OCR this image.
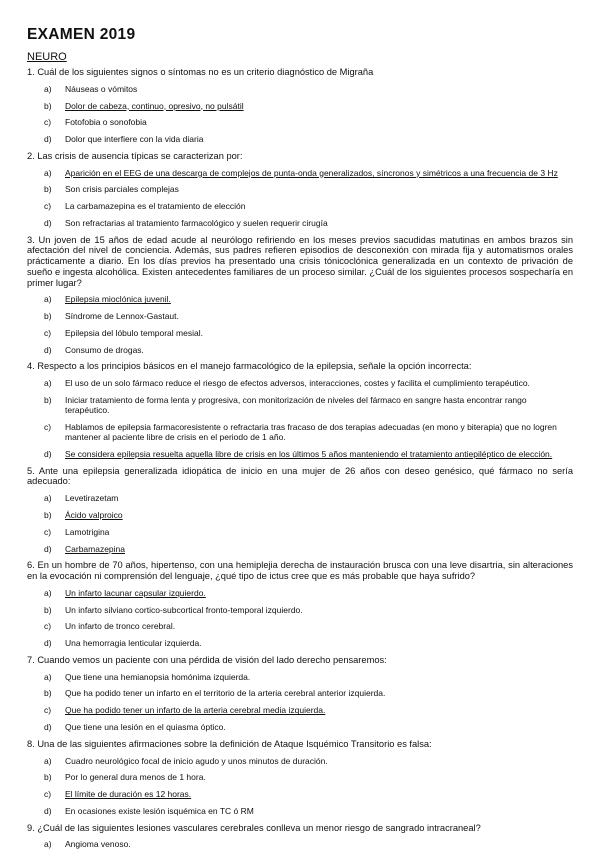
EXAMEN 2019
NEURO

1. Cuál de los siguientes signos o síntomas no es un criterio diagnóstico de Migraña

a) Náuseas o vómitos
b) Dolor de cabeza, continuo, opresivo, no pulsátil
c) Fotofobia o sonofobia
d) Dolor que interfiere con la vida diaria

2. Las crisis de ausencia típicas se caracterizan por:

a) Aparición en el EEG de una descarga de complejos de punta-onda generalizados, síncronos y simétricos a una frecuencia de 3 Hz
b) Son crisis parciales complejas
c) La carbamazepina es el tratamiento de elección
d) Son refractarias al tratamiento farmacológico y suelen requerir cirugía

3. Un joven de 15 años de edad acude al neurólogo refiriendo en los meses previos sacudidas matutinas en ambos brazos sin afectación del nivel de conciencia. Además, sus padres refieren episodios de desconexión con mirada fija y automatismos orales prácticamente a diario. En los días previos ha presentado una crisis tónicoclónica generalizada en un contexto de privación de sueño e ingesta alcohólica. Existen antecedentes familiares de un proceso similar. ¿Cuál de los siguientes procesos sospecharía en primer lugar?

a) Epilepsia mioclónica juvenil.
b) Síndrome de Lennox-Gastaut.
c) Epilepsia del lóbulo temporal mesial.
d) Consumo de drogas.

4. Respecto a los principios básicos en el manejo farmacológico de la epilepsia, señale la opción incorrecta:

a) El uso de un solo fármaco reduce el riesgo de efectos adversos, interacciones, costes y facilita el cumplimiento terapéutico.
b) Iniciar tratamiento de forma lenta y progresiva, con monitorización de niveles del fármaco en sangre hasta encontrar rango terapéutico.
c) Hablamos de epilepsia farmacoresistente o refractaria tras fracaso de dos terapias adecuadas (en mono y biterapia) que no logren mantener al paciente libre de crisis en el periodo de 1 año.
d) Se considera epilepsia resuelta aquella libre de crisis en los últimos 5 años manteniendo el tratamiento antiepiléptico de elección.

5. Ante una epilepsia generalizada idiopática de inicio en una mujer de 26 años con deseo genésico, qué fármaco no sería adecuado:

a) Levetirazetam
b) Ácido valproico
c) Lamotrigina
d) Carbamazepina

6. En un hombre de 70 años, hipertenso, con una hemiplejia derecha de instauración brusca con una leve disartria, sin alteraciones en la evocación ni comprensión del lenguaje, ¿qué tipo de ictus cree que es más probable que haya sufrido?

a) Un infarto lacunar capsular izquierdo.
b) Un infarto silviano cortico-subcortical fronto-temporal izquierdo.
c) Un infarto de tronco cerebral.
d) Una hemorragia lenticular izquierda.

7. Cuando vemos un paciente con una pérdida de visión del lado derecho pensaremos:

a) Que tiene una hemianopsia homónima izquierda.
b) Que ha podido tener un infarto en el territorio de la arteria cerebral anterior izquierda.
c) Que ha podido tener un infarto de la arteria cerebral media izquierda.
d) Que tiene una lesión en el quiasma óptico.

8. Una de las siguientes afirmaciones sobre la definición de Ataque Isquémico Transitorio es falsa:

a) Cuadro neurológico focal de inicio agudo y unos minutos de duración.
b) Por lo general dura menos de 1 hora.
c) El límite de duración es 12 horas.
d) En ocasiones existe lesión isquémica en TC ó RM

9. ¿Cuál de las siguientes lesiones vasculares cerebrales conlleva un menor riesgo de sangrado intracraneal?

a) Angioma venoso.
